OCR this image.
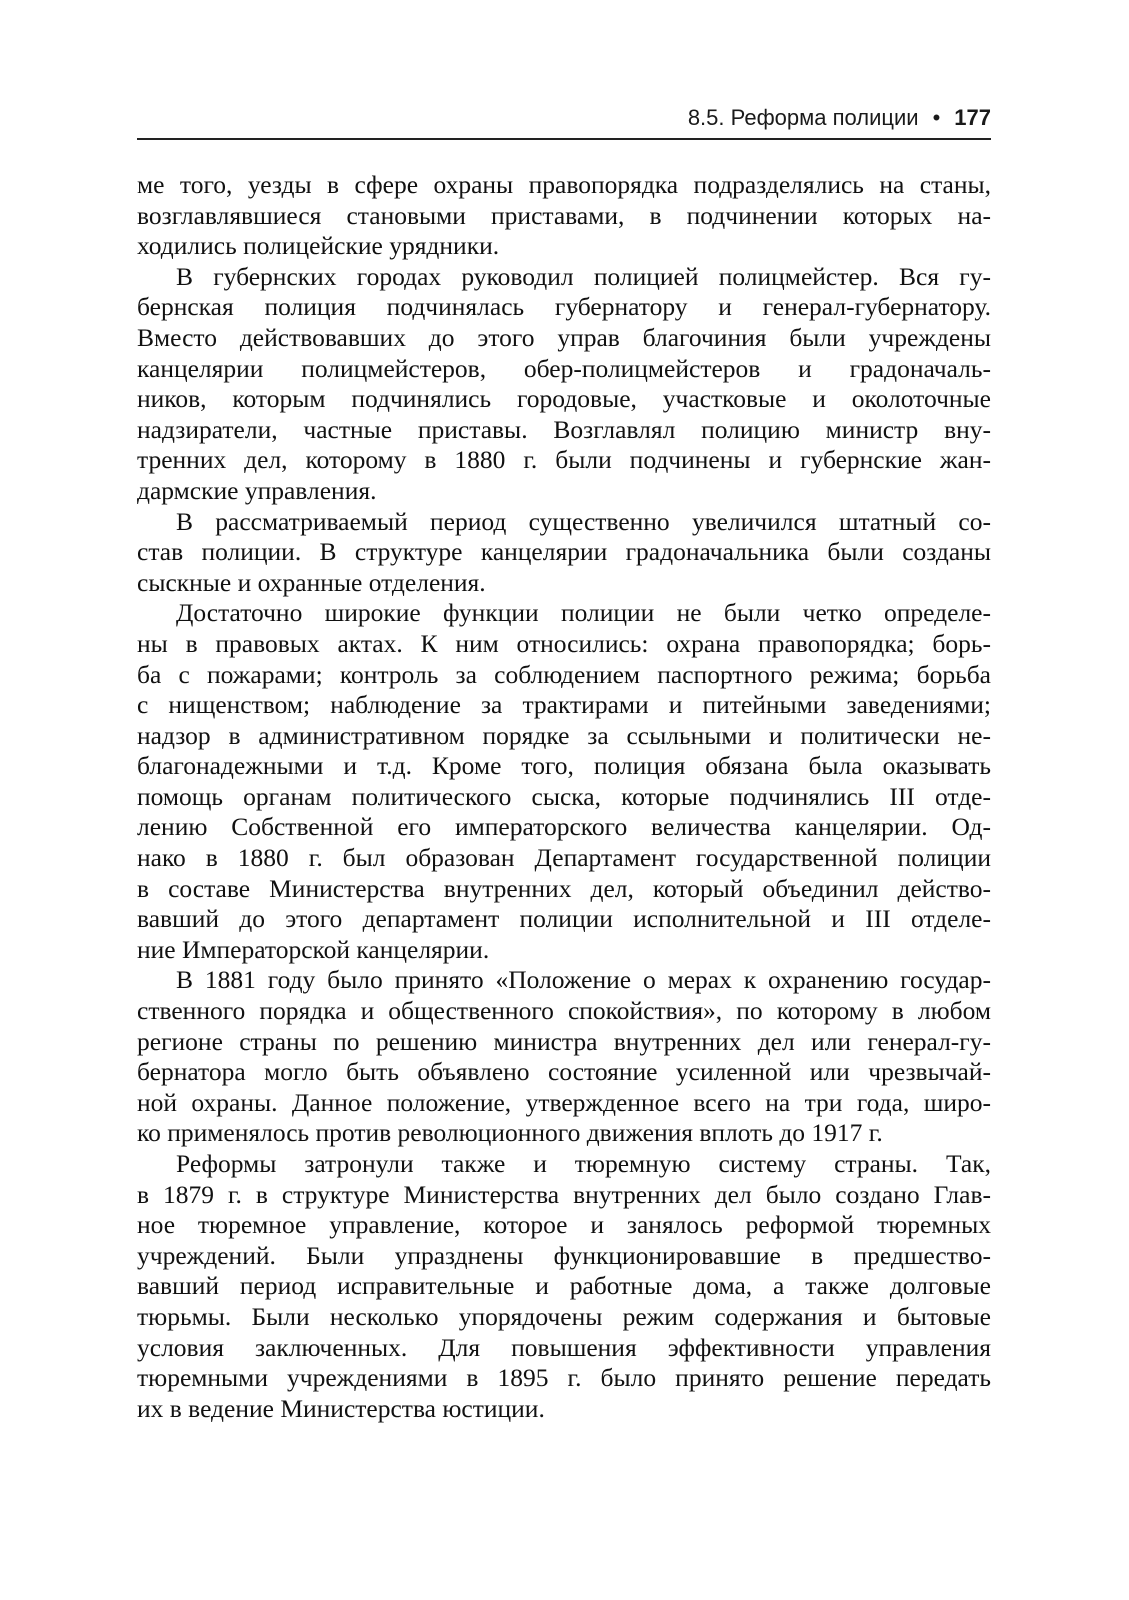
8.5. Реформа полиции • 177

ме того, уезды в сфере охраны правопорядка подразделялись на станы,
возглавлявшиеся становыми приставами, в подчинении которых на-
ходились полицейские урядники.

В губернских городах руководил полицией полицмейстер. Вся гу-
бернская полиция подчинялась губернатору и генерал-губернатору.
Вместо действовавших до этого управ благочиния были учреждены
канцелярии полицмейстеров, обер-полицмейстеров и градоначаль-
ников, которым подчинялись городовые, участковые и околоточные
надзиратели, частные приставы. Возглавлял полицию министр вну-
тренних дел, которому в 1880 г. были подчинены и губернские жан-
дармские управления.

В рассматриваемый период существенно увеличился штатный со-
став полиции. В структуре канцелярии градоначальника были созданы
сыскные и охранные отделения.

Достаточно широкие функции полиции не были четко определе-
ны в правовых актах. К ним относились: охрана правопорядка; борь-
ба с пожарами; контроль за соблюдением паспортного режима; борьба
с нищенством; наблюдение за трактирами и питейными заведениями;
надзор в административном порядке за ссыльными и политически не-
благонадежными и т.д. Кроме того, полиция обязана была оказывать
помощь органам политического сыска, которые подчинялись III отде-
лению Собственной его императорского величества канцелярии. Од-
нако в 1880 г. был образован Департамент государственной полиции
в составе Министерства внутренних дел, который объединил действо-
вавший до этого департамент полиции исполнительной и III отделе-
ние Императорской канцелярии.

В 1881 году было принято «Положение о мерах к охранению государ-
ственного порядка и общественного спокойствия», по которому в любом
регионе страны по решению министра внутренних дел или генерал-гу-
бернатора могло быть объявлено состояние усиленной или чрезвычай-
ной охраны. Данное положение, утвержденное всего на три года, широ-
ко применялось против революционного движения вплоть до 1917 г.

Реформы затронули также и тюремную систему страны. Так,
в 1879 г. в структуре Министерства внутренних дел было создано Глав-
ное тюремное управление, которое и занялось реформой тюремных
учреждений. Были упразднены функционировавшие в предшество-
вавший период исправительные и работные дома, а также долговые
тюрьмы. Были несколько упорядочены режим содержания и бытовые
условия заключенных. Для повышения эффективности управления
тюремными учреждениями в 1895 г. было принято решение передать
их в ведение Министерства юстиции.
